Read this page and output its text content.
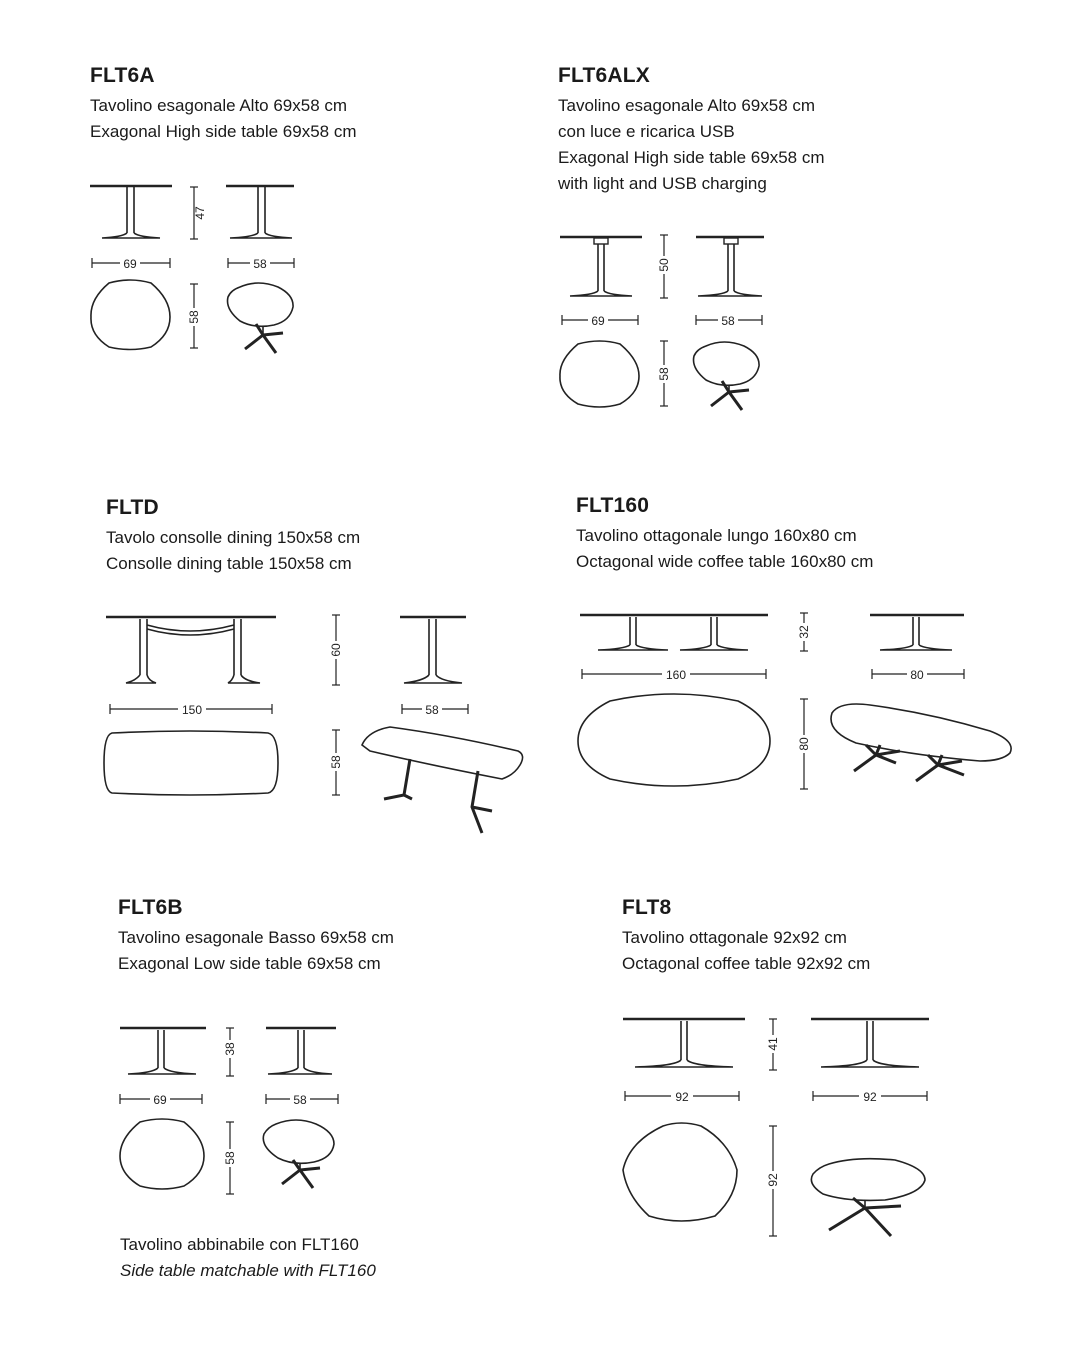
FLT6A

Tavolino esagonale Alto 69x58 cm

Exagonal High side table 69x58 cm

47
69	58
58

FLT6ALX

Tavolino esagonale Alto 69x58 cm

con luce e ricarica USB

Exagonal High side table 69x58 cm

with light and USB charging

50
69	58
58

FLTD

Tavolo consolle dining 150x58 cm

Consolle dining table 150x58 cm

60
150	58
58

FLT160

Tavolino ottagonale lungo 160x80 cm

Octagonal wide coffee table 160x80 cm

32
160	80
80

FLT6B

Tavolino esagonale Basso 69x58 cm

Exagonal Low side table 69x58 cm

38
69	58
58

Tavolino abbinabile con FLT160

Side table matchable with FLT160

FLT8

Tavolino ottagonale 92x92 cm

Octagonal coffee table 92x92 cm

41
92	92
92
